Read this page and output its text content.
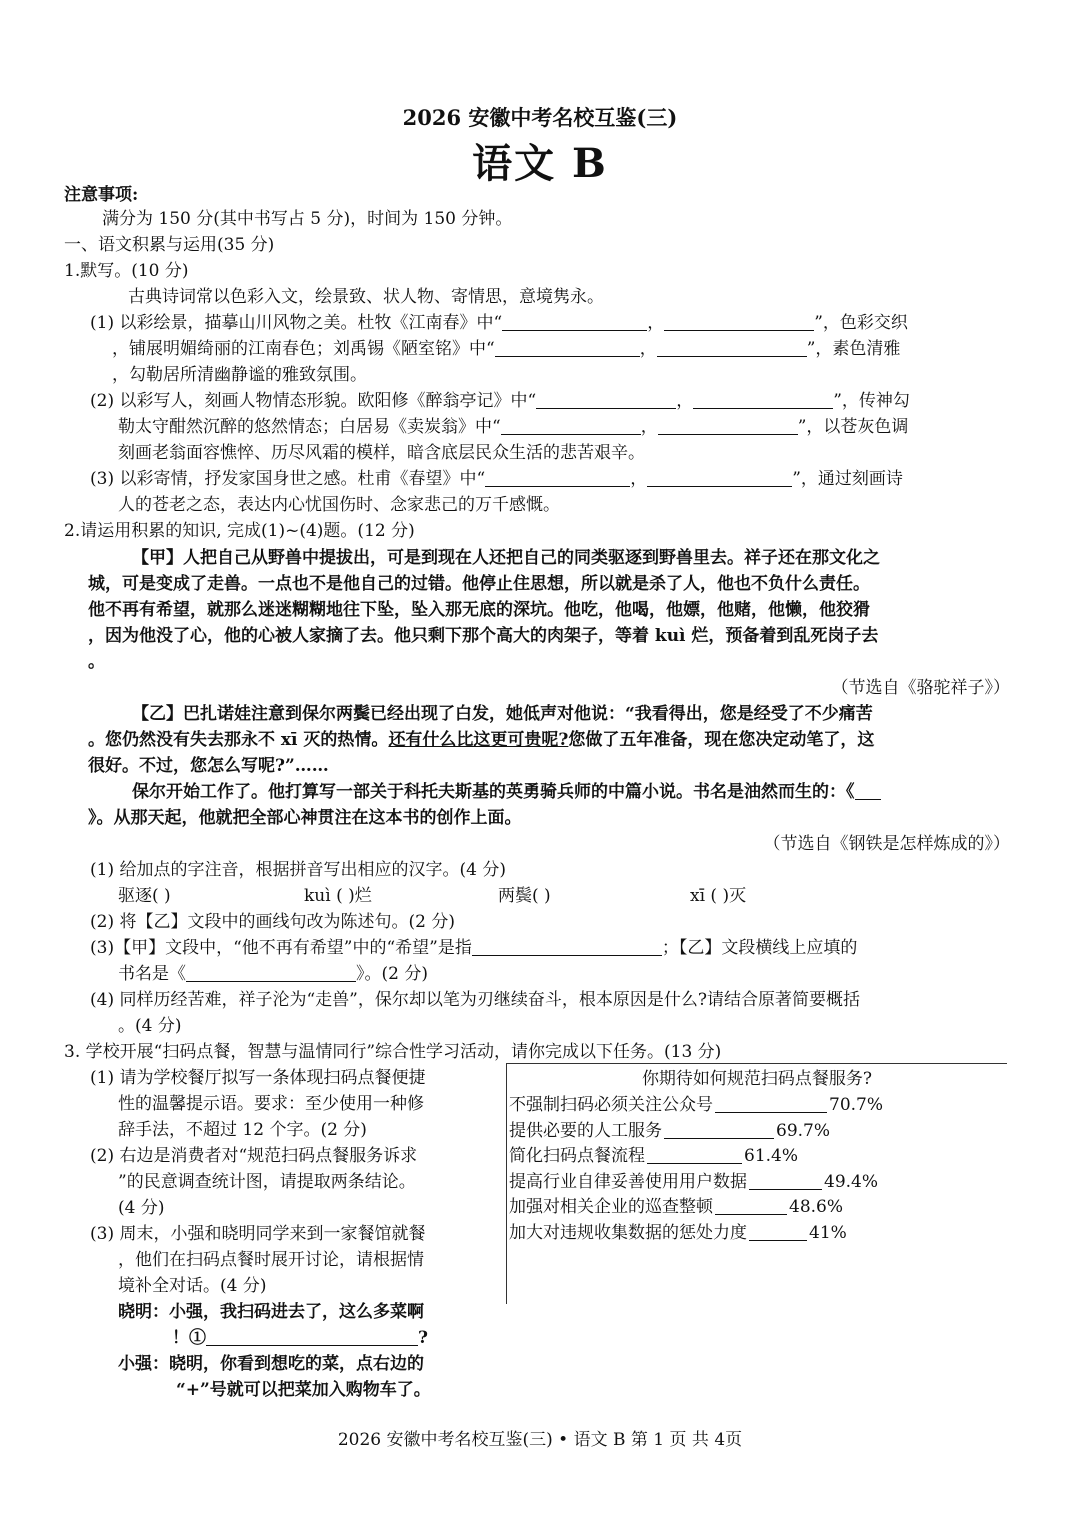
2026 安徽中考名校互鉴(三)
语文 B
注意事项:
满分为 150 分(其中书写占 5 分)，时间为 150 分钟。
一、语文积累与运用(35 分)
1.默写。(10 分)
古典诗词常以色彩入文，绘景致、状人物、寄情思，意境隽永。
(1) 以彩绘景，描摹山川风物之美。杜牧《江南春》中“	，	”，色彩交织
，铺展明媚绮丽的江南春色；刘禹锡《陋室铭》中“	，	”，素色清雅
，勾勒居所清幽静谧的雅致氛围。
(2) 以彩写人，刻画人物情态形貌。欧阳修《醉翁亭记》中“	，	”，传神勾
勒太守酣然沉醉的悠然情态；白居易《卖炭翁》中“	，	”，以苍灰色调
刻画老翁面容憔悴、历尽风霜的模样，暗含底层民众生活的悲苦艰辛。
(3) 以彩寄情，抒发家国身世之感。杜甫《春望》中“	，	”，通过刻画诗
人的苍老之态，表达内心忧国伤时、念家悲己的万千感慨。
2.请运用积累的知识, 完成(1)~(4)题。(12 分)
【甲】人把自己从野兽中提拔出，可是到现在人还把自己的同类驱逐到野兽里去。祥子还在那文化之
城，可是变成了走兽。一点也不是他自己的过错。他停止住思想，所以就是杀了人，他也不负什么责任。
他不再有希望，就那么迷迷糊糊地往下坠，坠入那无底的深坑。他吃，他喝，他嫖，他赌，他懒，他狡猾
，因为他没了心，他的心被人家摘了去。他只剩下那个高大的肉架子，等着 kuì 烂，预备着到乱死岗子去
。
（节选自《骆驼祥子》）
【乙】巴扎诺娃注意到保尔两鬓已经出现了白发，她低声对他说：“我看得出，您是经受了不少痛苦
。您仍然没有失去那永不 xī 灭的热情。还有什么比这更可贵呢?您做了五年准备，现在您决定动笔了，这
很好。不过，您怎么写呢?”……
保尔开始工作了。他打算写一部关于科托夫斯基的英勇骑兵师的中篇小说。书名是油然而生的：《
》。从那天起，他就把全部心神贯注在这本书的创作上面。
（节选自《钢铁是怎样炼成的》）
(1) 给加点的字注音，根据拼音写出相应的汉字。(4 分)
驱逐( )	kuì ( )烂	两鬓( )	xī ( )灭
(2) 将【乙】文段中的画线句改为陈述句。(2 分)
(3)【甲】文段中，“他不再有希望”中的“希望”是指	；【乙】文段横线上应填的
书名是《	》。(2 分)
(4) 同样历经苦难，祥子沦为“走兽”，保尔却以笔为刃继续奋斗，根本原因是什么?请结合原著简要概括
。(4 分)
3. 学校开展“扫码点餐，智慧与温情同行”综合性学习活动，请你完成以下任务。(13 分)
(1) 请为学校餐厅拟写一条体现扫码点餐便捷
性的温馨提示语。要求：至少使用一种修
辞手法，不超过 12 个字。(2 分)
(2) 右边是消费者对“规范扫码点餐服务诉求
”的民意调查统计图，请提取两条结论。
(4 分)
(3) 周末，小强和晓明同学来到一家餐馆就餐
，他们在扫码点餐时展开讨论，请根据情
境补全对话。(4 分)
晓明：小强，我扫码进去了，这么多菜啊
！①	?
小强：晓明，你看到想吃的菜，点右边的
“+”号就可以把菜加入购物车了。
你期待如何规范扫码点餐服务?
不强制扫码必须关注公众号	70.7%
提供必要的人工服务	69.7%
简化扫码点餐流程	61.4%
提高行业自律妥善使用用户数据	49.4%
加强对相关企业的巡查整顿	48.6%
加大对违规收集数据的惩处力度	41%
2026 安徽中考名校互鉴(三) • 语文 B 第 1 页 共 4页
